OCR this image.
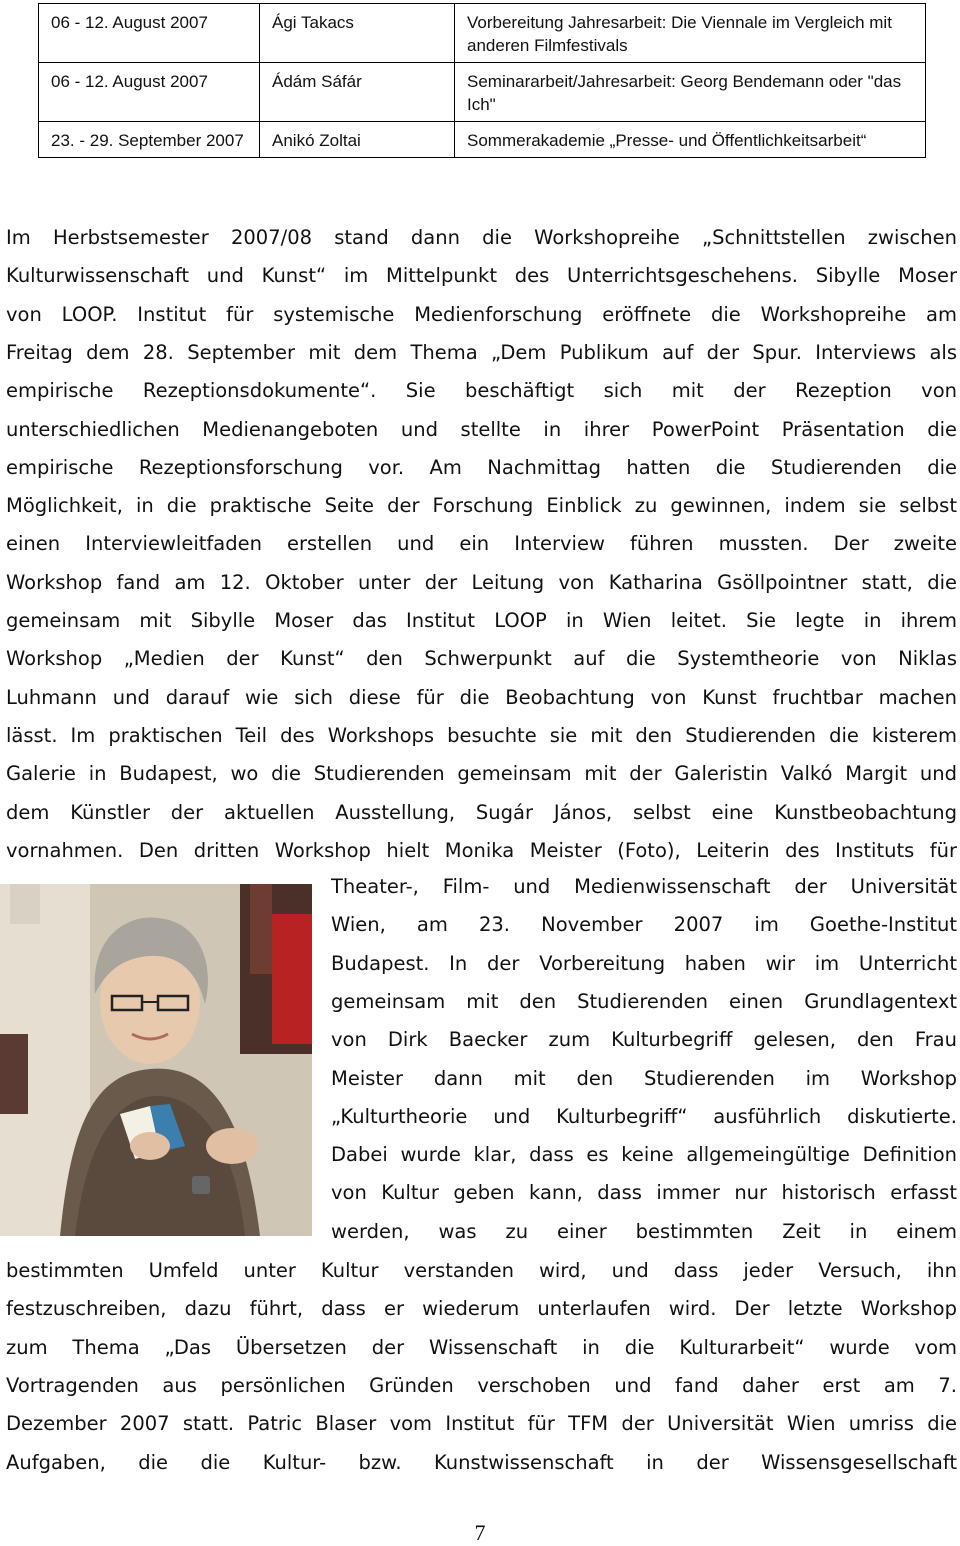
06 - 12. August 2007	Ági Takacs	Vorbereitung Jahresarbeit: Die Viennale im Vergleich mit anderen Filmfestivals
06 - 12. August 2007	Ádám Sáfár	Seminararbeit/Jahresarbeit: Georg Bendemann oder "das Ich"
23. - 29. September 2007	Anikó Zoltai	Sommerakademie „Presse- und Öffentlichkeitsarbeit“
Im Herbstsemester 2007/08 stand dann die Workshopreihe „Schnittstellen zwischen
Kulturwissenschaft und Kunst“ im Mittelpunkt des Unterrichtsgeschehens. Sibylle Moser
von LOOP. Institut für systemische Medienforschung eröffnete die Workshopreihe am
Freitag dem 28. September mit dem Thema „Dem Publikum auf der Spur. Interviews als
empirische Rezeptionsdokumente“. Sie beschäftigt sich mit der Rezeption von
unterschiedlichen Medienangeboten und stellte in ihrer PowerPoint Präsentation die
empirische Rezeptionsforschung vor. Am Nachmittag hatten die Studierenden die
Möglichkeit, in die praktische Seite der Forschung Einblick zu gewinnen, indem sie selbst
einen Interviewleitfaden erstellen und ein Interview führen mussten. Der zweite
Workshop fand am 12. Oktober unter der Leitung von Katharina Gsöllpointner statt, die
gemeinsam mit Sibylle Moser das Institut LOOP in Wien leitet. Sie legte in ihrem
Workshop „Medien der Kunst“ den Schwerpunkt auf die Systemtheorie von Niklas
Luhmann und darauf wie sich diese für die Beobachtung von Kunst fruchtbar machen
lässt. Im praktischen Teil des Workshops besuchte sie mit den Studierenden die kisterem
Galerie in Budapest, wo die Studierenden gemeinsam mit der Galeristin Valkó Margit und
dem Künstler der aktuellen Ausstellung, Sugár János, selbst eine Kunstbeobachtung
vornahmen. Den dritten Workshop hielt Monika Meister (Foto), Leiterin des Instituts für
Theater-, Film- und Medienwissenschaft der Universität
Wien, am 23. November 2007 im Goethe-Institut
Budapest. In der Vorbereitung haben wir im Unterricht
gemeinsam mit den Studierenden einen Grundlagentext
von Dirk Baecker zum Kulturbegriff gelesen, den Frau
Meister dann mit den Studierenden im Workshop
„Kulturtheorie und Kulturbegriff“ ausführlich diskutierte.
Dabei wurde klar, dass es keine allgemeingültige Definition
von Kultur geben kann, dass immer nur historisch erfasst
werden, was zu einer bestimmten Zeit in einem
bestimmten Umfeld unter Kultur verstanden wird, und dass jeder Versuch, ihn
festzuschreiben, dazu führt, dass er wiederum unterlaufen wird. Der letzte Workshop
zum Thema „Das Übersetzen der Wissenschaft in die Kulturarbeit“ wurde vom
Vortragenden aus persönlichen Gründen verschoben und fand daher erst am 7.
Dezember 2007 statt. Patric Blaser vom Institut für TFM der Universität Wien umriss die
Aufgaben, die die Kultur- bzw. Kunstwissenschaft in der Wissensgesellschaft
7
